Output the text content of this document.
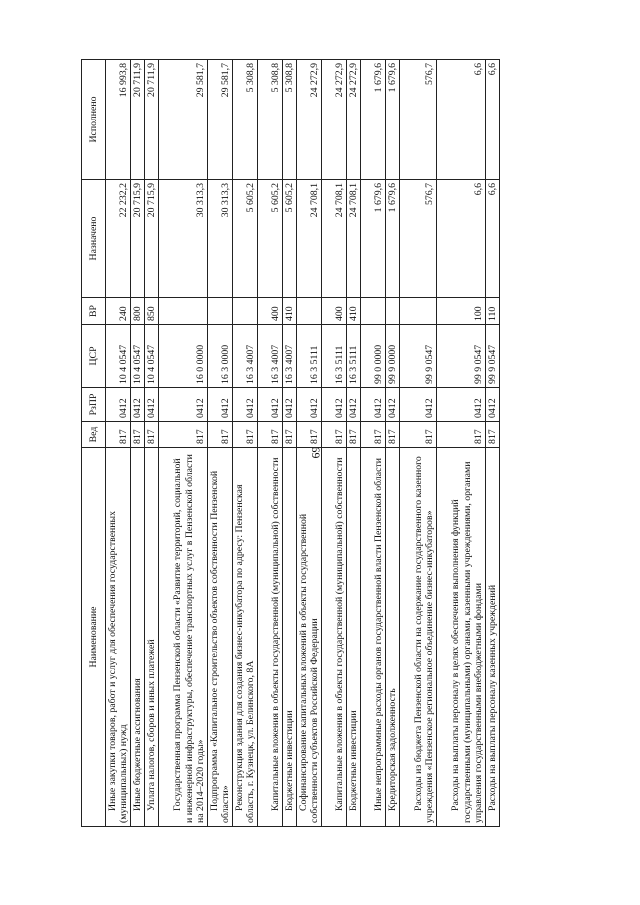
69
Наименование	Вед	РзПР	ЦСР	ВР	Назначено	Исполнено
Иные закупки товаров, работ и услуг для обеспечения государственных (муниципальных) нужд	817	0412	10 4 0547	240	22 232,2	16 993,8
Иные бюджетные ассигнования	817	0412	10 4 0547	800	20 715,9	20 711,9
Уплата налогов, сборов и иных платежей	817	0412	10 4 0547	850	20 715,9	20 711,9
Государственная программа Пензенской области «Развитие территорий, социальной и инженерной инфраструктуры, обеспечение транспортных услуг в Пензенской области на 2014–2020 годы»	817	0412	16 0 0000		30 313,3	29 581,7
Подпрограмма «Капитальное строительство объектов собственности Пензенской области»	817	0412	16 3 0000		30 313,3	29 581,7
Реконструкция здания для создания бизнес-инкубатора по адресу: Пензенская область, г. Кузнецк, ул. Белинского, 8А	817	0412	16 3 4007		5 605,2	5 308,8
Капитальные вложения в объекты государственной (муниципальной) собственности	817	0412	16 3 4007	400	5 605,2	5 308,8
Бюджетные инвестиции	817	0412	16 3 4007	410	5 605,2	5 308,8
Софинансирование капитальных вложений в объекты государственной собственности субъектов Российской Федерации	817	0412	16 3 5111		24 708,1	24 272,9
Капитальные вложения в объекты государственной (муниципальной) собственности	817	0412	16 3 5111	400	24 708,1	24 272,9
Бюджетные инвестиции	817	0412	16 3 5111	410	24 708,1	24 272,9
Иные непрограммные расходы органов государственной власти Пензенской области	817	0412	99 0 0000		1 679,6	1 679,6
Кредиторская задолженность	817	0412	99 9 0000		1 679,6	1 679,6
Расходы из бюджета Пензенской области на содержание государственного казенного учреждения «Пензенское региональное объединение бизнес-инкубаторов»	817	0412	99 9 0547		576,7	576,7
Расходы на выплаты персоналу в целях обеспечения выполнения функций государственными (муниципальными) органами, казенными учреждениями, органами управления государственными внебюджетными фондами	817	0412	99 9 0547	100	6,6	6,6
Расходы на выплаты персоналу казенных учреждений	817	0412	99 9 0547	110	6,6	6,6
